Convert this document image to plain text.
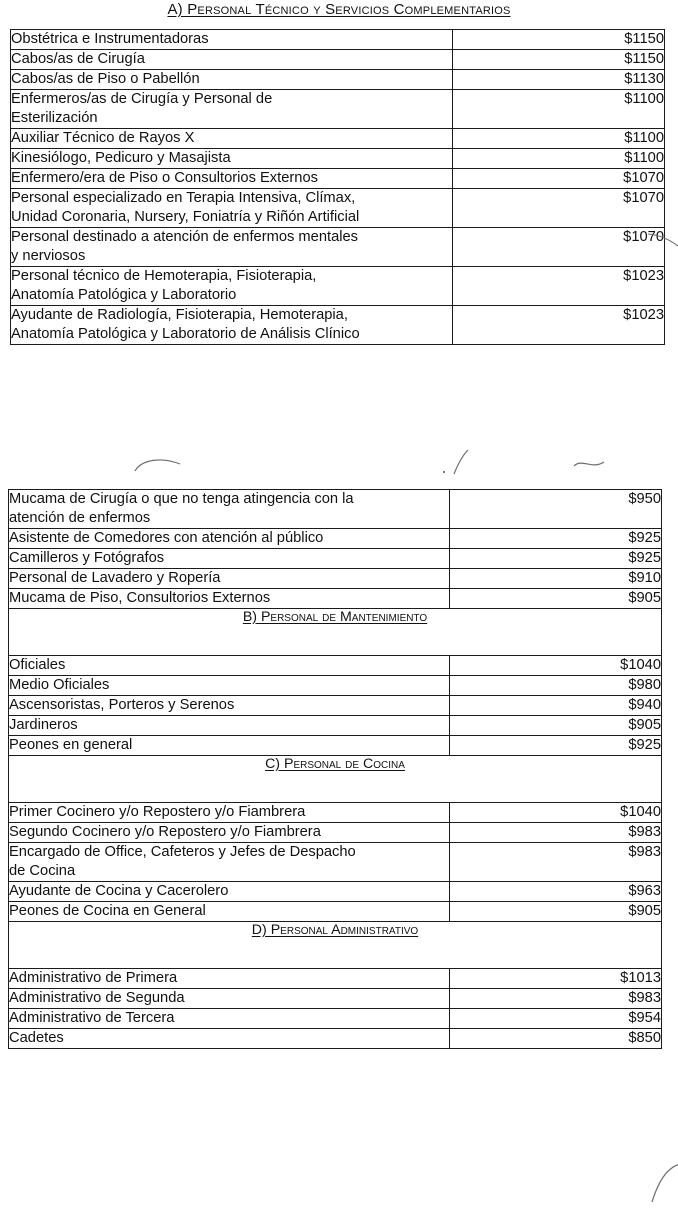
A) Personal Técnico y Servicios Complementarios
Obstétrica e Instrumentadoras	$1150
Cabos/as de Cirugía	$1150
Cabos/as de Piso o Pabellón	$1130
Enfermeros/as de Cirugía y Personal de
Esterilización	$1100
Auxiliar Técnico de Rayos X	$1100
Kinesiólogo, Pedicuro y Masajista	$1100
Enfermero/era de Piso o Consultorios Externos	$1070
Personal especializado en Terapia Intensiva, Clímax,
Unidad Coronaria, Nursery, Foniatría y Riñón Artificial	$1070
Personal destinado a atención de enfermos mentales
y nerviosos	$1070
Personal técnico de Hemoterapia, Fisioterapia,
Anatomía Patológica y Laboratorio	$1023
Ayudante de Radiología, Fisioterapia, Hemoterapia,
Anatomía Patológica y Laboratorio de Análisis Clínico	$1023
Mucama de Cirugía o que no tenga atingencia con la
atención de enfermos	$950
Asistente de Comedores con atención al público	$925
Camilleros y Fotógrafos	$925
Personal de Lavadero y Ropería	$910
Mucama de Piso, Consultorios Externos	$905
B) Personal de Mantenimiento	

Oficiales	$1040
Medio Oficiales	$980
Ascensoristas, Porteros y Serenos	$940
Jardineros	$905
Peones en general	$925
C) Personal de Cocina	

Primer Cocinero y/o Repostero y/o Fiambrera	$1040
Segundo Cocinero y/o Repostero y/o Fiambrera	$983
Encargado de Office, Cafeteros y Jefes de Despacho
de Cocina	$983
Ayudante de Cocina y Cacerolero	$963
Peones de Cocina en General	$905
D) Personal Administrativo	

Administrativo de Primera	$1013
Administrativo de Segunda	$983
Administrativo de Tercera	$954
Cadetes	$850
